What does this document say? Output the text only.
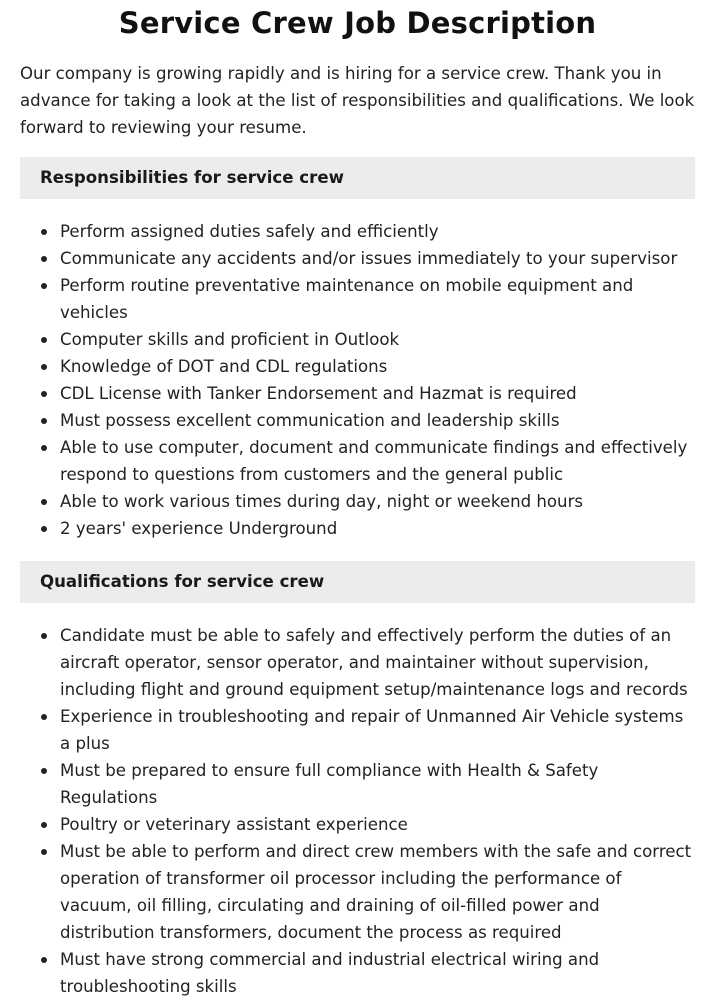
Service Crew Job Description

Our company is growing rapidly and is hiring for a service crew. Thank you in advance for taking a look at the list of responsibilities and qualifications. We look forward to reviewing your resume.

Responsibilities for service crew
Perform assigned duties safely and efficiently
Communicate any accidents and/or issues immediately to your supervisor
Perform routine preventative maintenance on mobile equipment and vehicles
Computer skills and proficient in Outlook
Knowledge of DOT and CDL regulations
CDL License with Tanker Endorsement and Hazmat is required
Must possess excellent communication and leadership skills
Able to use computer, document and communicate findings and effectively respond to questions from customers and the general public
Able to work various times during day, night or weekend hours
2 years' experience Underground
Qualifications for service crew
Candidate must be able to safely and effectively perform the duties of an aircraft operator, sensor operator, and maintainer without supervision, including flight and ground equipment setup/maintenance logs and records
Experience in troubleshooting and repair of Unmanned Air Vehicle systems a plus
Must be prepared to ensure full compliance with Health & Safety Regulations
Poultry or veterinary assistant experience
Must be able to perform and direct crew members with the safe and correct operation of transformer oil processor including the performance of vacuum, oil filling, circulating and draining of oil-filled power and distribution transformers, document the process as required
Must have strong commercial and industrial electrical wiring and troubleshooting skills
